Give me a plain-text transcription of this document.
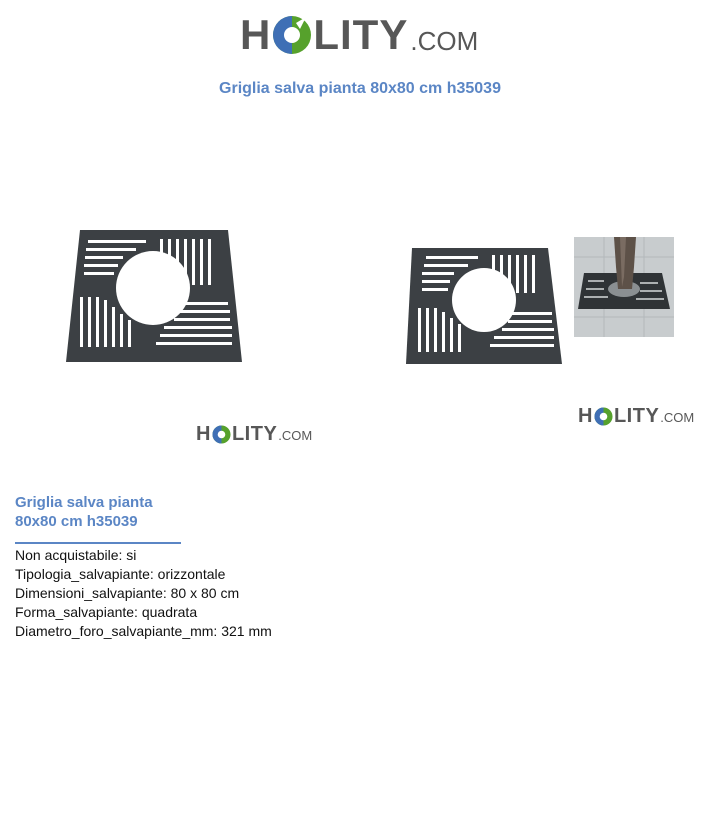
H LITY .COM
Griglia salva pianta 80x80 cm h35039
H LITY .COM
H LITY .COM
Griglia salva pianta
80x80 cm h35039
Non acquistabile: si
Tipologia_salvapiante: orizzontale
Dimensioni_salvapiante: 80 x 80 cm
Forma_salvapiante: quadrata
Diametro_foro_salvapiante_mm: 321 mm
